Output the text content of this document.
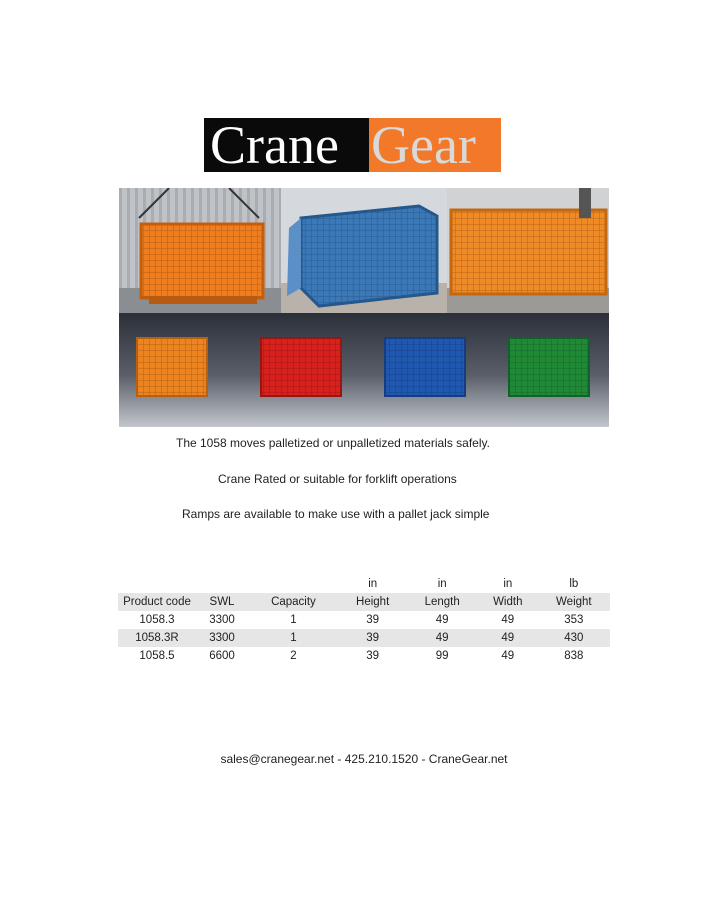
Crane Gear
The 1058 moves palletized or unpalletized materials safely.
Crane Rated or suitable for forklift operations
Ramps are available to make use with a pallet jack simple
			in	in	in	lb
Product code	SWL	Capacity	Height	Length	Width	Weight
1058.3	3300	1	39	49	49	353
1058.3R	3300	1	39	49	49	430
1058.5	6600	2	39	99	49	838
sales@cranegear.net - 425.210.1520 - CraneGear.net
